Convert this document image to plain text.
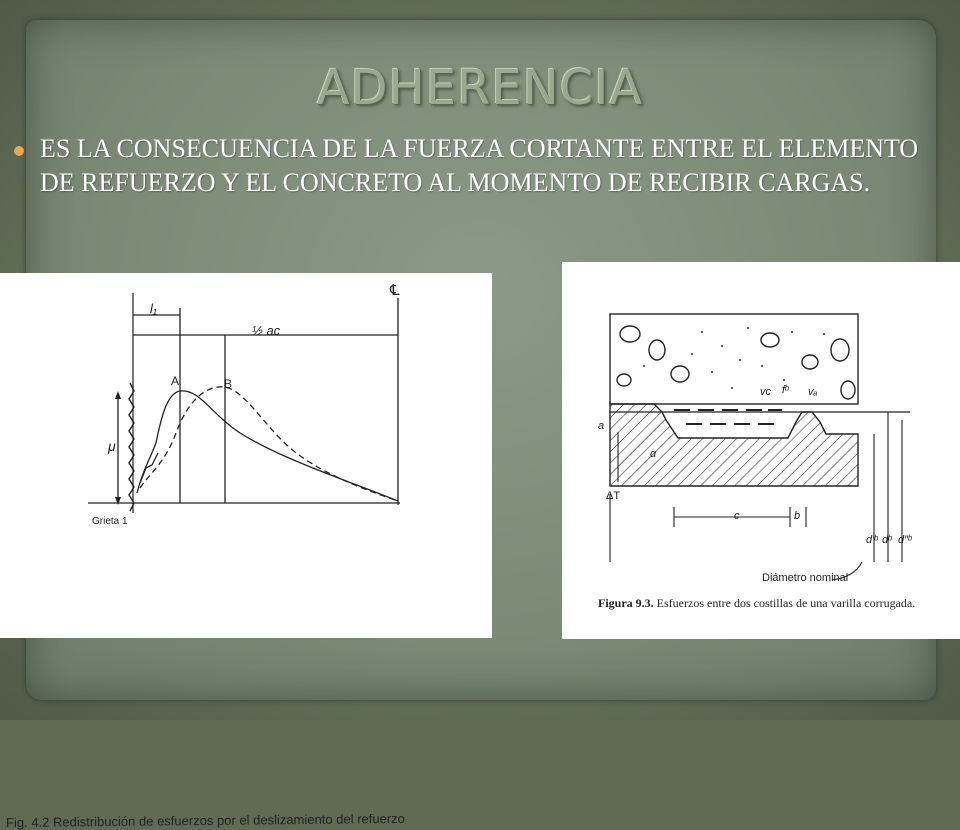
ADHERENCIA
ES LA CONSECUENCIA DE LA FUERZA CORTANTE ENTRE EL ELEMENTO DE REFUERZO Y EL CONCRETO AL MOMENTO DE RECIBIR CARGAS.
l₁
½ aᴄ
℄
A	B
μ
Grieta 1
Fig. 4.2 Redistribución de esfuerzos por el deslizamiento del refuerzo
a
α
ΔT
c	b
fᵇ
vᴄ	vₐ
d′ᵇ dᵇ d″ᵇ
Diámetro nominal
Figura 9.3. Esfuerzos entre dos costillas de una varilla corrugada.
